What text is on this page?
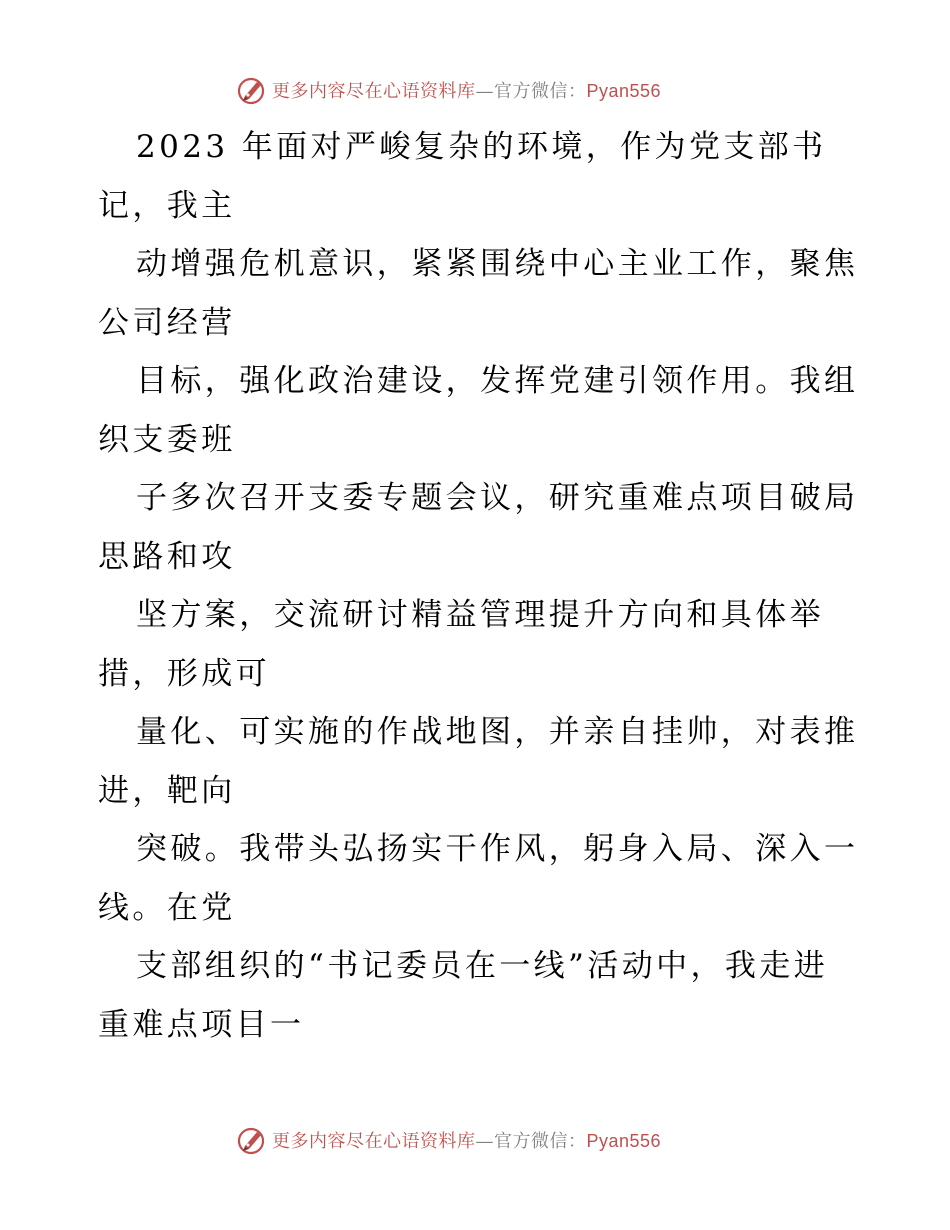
更多内容尽在心语资料库—官方微信：Pyan556
2023 年面对严峻复杂的环境，作为党支部书
记，我主
动增强危机意识，紧紧围绕中心主业工作，聚焦
公司经营
目标，强化政治建设，发挥党建引领作用。我组
织支委班
子多次召开支委专题会议，研究重难点项目破局
思路和攻
坚方案，交流研讨精益管理提升方向和具体举
措，形成可
量化、可实施的作战地图，并亲自挂帅，对表推
进，靶向
突破。我带头弘扬实干作风，躬身入局、深入一
线。在党
支部组织的“书记委员在一线”活动中，我走进
重难点项目一
更多内容尽在心语资料库—官方微信：Pyan556
